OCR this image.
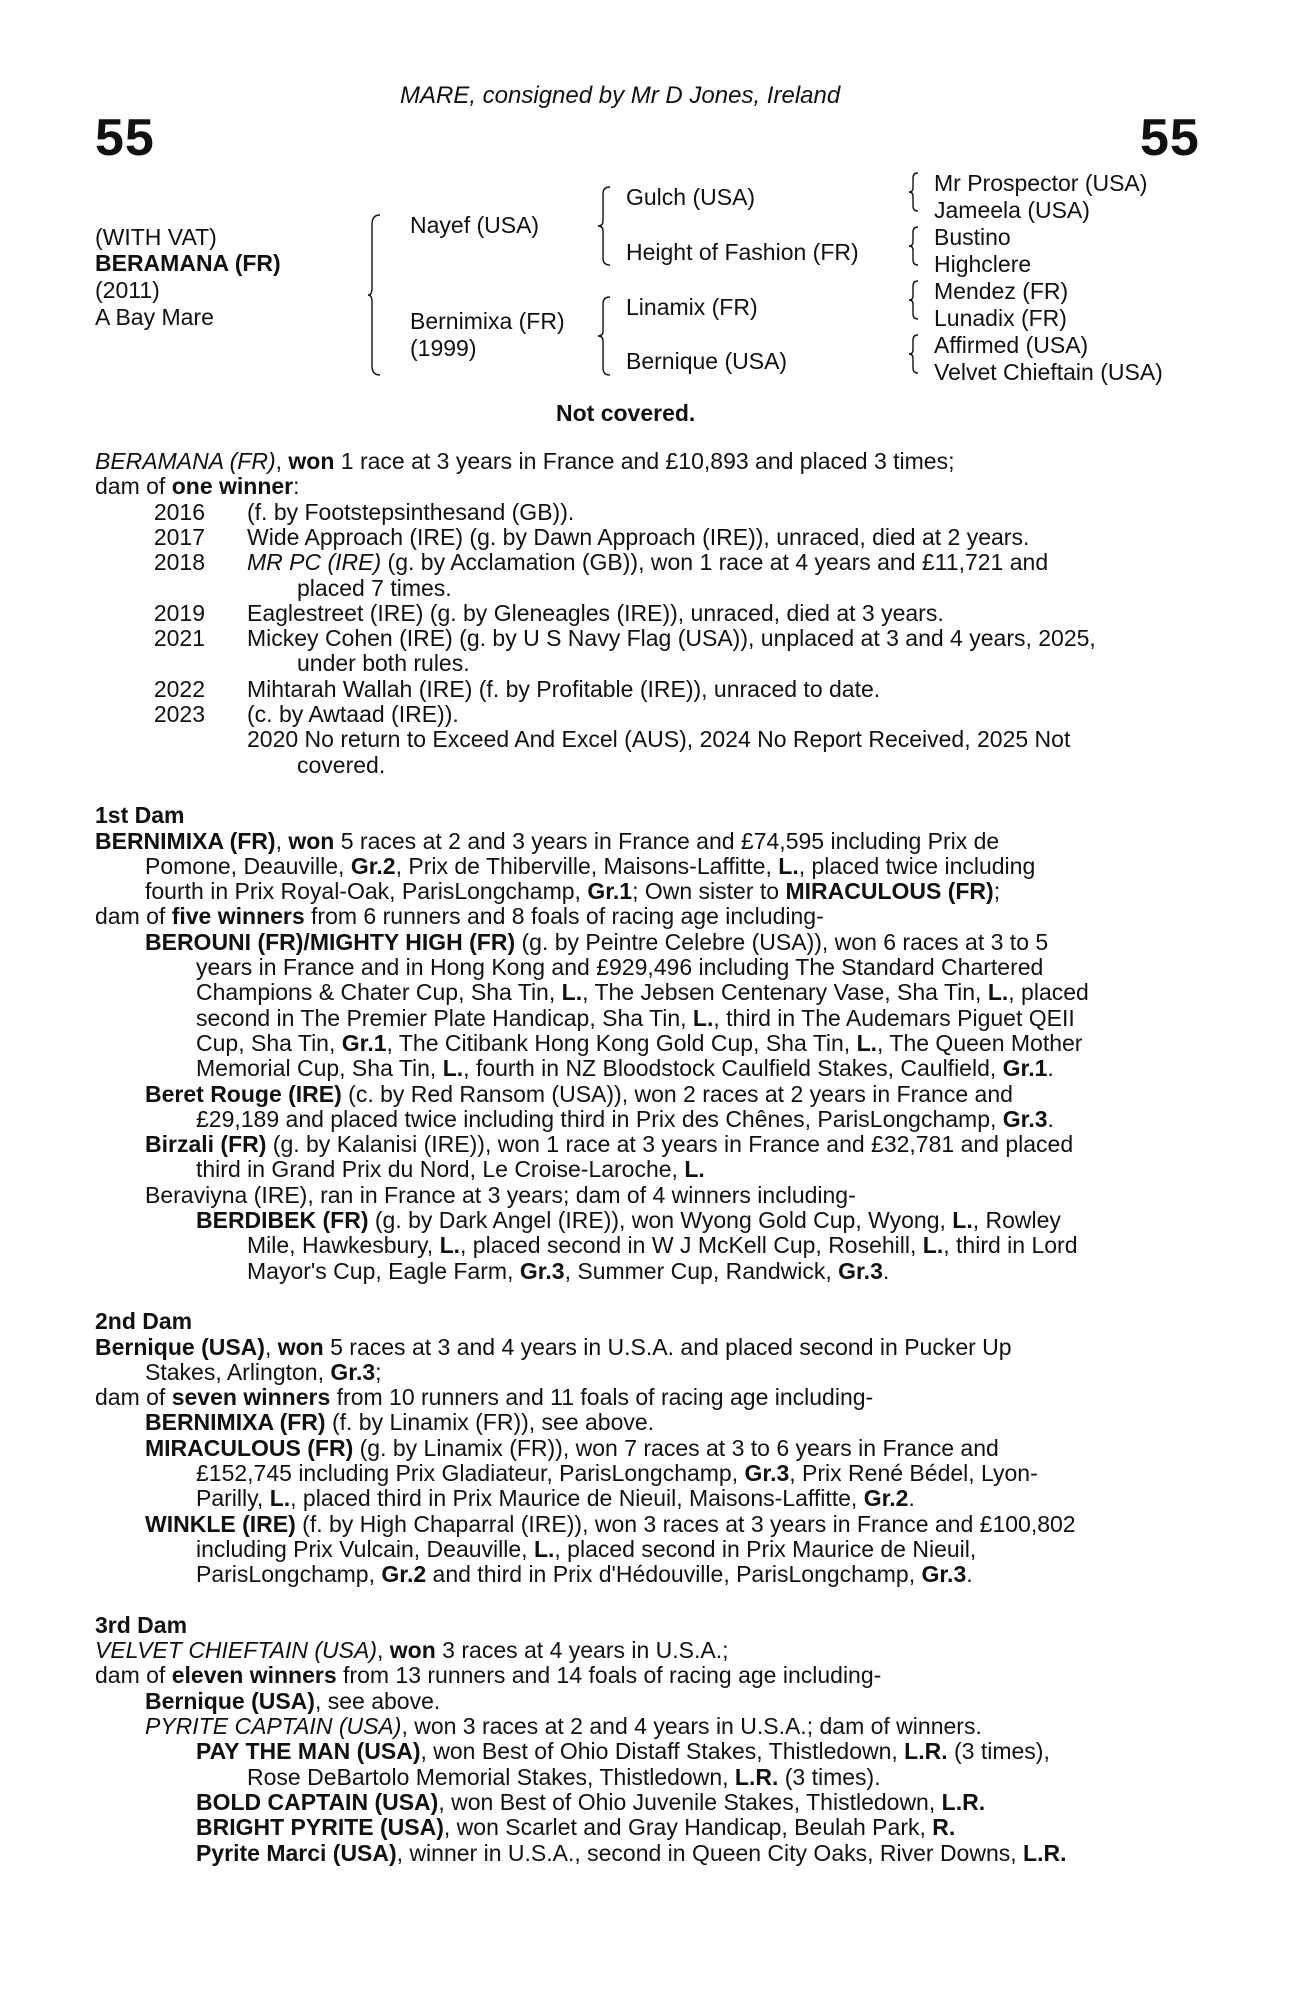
55	55
MARE, consigned by Mr D Jones, Ireland
(WITH VAT)
BERAMANA (FR)
(2011)
A Bay Mare
Nayef (USA)
Bernimixa (FR)
(1999)
Gulch (USA)
Height of Fashion (FR)
Linamix (FR)
Bernique (USA)
Mr Prospector (USA)
Jameela (USA)
Bustino
Highclere
Mendez (FR)
Lunadix (FR)
Affirmed (USA)
Velvet Chieftain (USA)
Not covered.
BERAMANA (FR), won 1 race at 3 years in France and £10,893 and placed 3 times;
dam of one winner:
2016 (f. by Footstepsinthesand (GB)).
2017 Wide Approach (IRE) (g. by Dawn Approach (IRE)), unraced, died at 2 years.
2018 MR PC (IRE) (g. by Acclamation (GB)), won 1 race at 4 years and £11,721 and
placed 7 times.
2019 Eaglestreet (IRE) (g. by Gleneagles (IRE)), unraced, died at 3 years.
2021 Mickey Cohen (IRE) (g. by U S Navy Flag (USA)), unplaced at 3 and 4 years, 2025,
under both rules.
2022 Mihtarah Wallah (IRE) (f. by Profitable (IRE)), unraced to date.
2023 (c. by Awtaad (IRE)).
2020 No return to Exceed And Excel (AUS), 2024 No Report Received, 2025 Not
covered.
1st Dam
BERNIMIXA (FR), won 5 races at 2 and 3 years in France and £74,595 including Prix de
Pomone, Deauville, Gr.2, Prix de Thiberville, Maisons-Laffitte, L., placed twice including
fourth in Prix Royal-Oak, ParisLongchamp, Gr.1; Own sister to MIRACULOUS (FR);
dam of five winners from 6 runners and 8 foals of racing age including-
BEROUNI (FR)/MIGHTY HIGH (FR) (g. by Peintre Celebre (USA)), won 6 races at 3 to 5
years in France and in Hong Kong and £929,496 including The Standard Chartered
Champions & Chater Cup, Sha Tin, L., The Jebsen Centenary Vase, Sha Tin, L., placed
second in The Premier Plate Handicap, Sha Tin, L., third in The Audemars Piguet QEII
Cup, Sha Tin, Gr.1, The Citibank Hong Kong Gold Cup, Sha Tin, L., The Queen Mother
Memorial Cup, Sha Tin, L., fourth in NZ Bloodstock Caulfield Stakes, Caulfield, Gr.1.
Beret Rouge (IRE) (c. by Red Ransom (USA)), won 2 races at 2 years in France and
£29,189 and placed twice including third in Prix des Chênes, ParisLongchamp, Gr.3.
Birzali (FR) (g. by Kalanisi (IRE)), won 1 race at 3 years in France and £32,781 and placed
third in Grand Prix du Nord, Le Croise-Laroche, L.
Beraviyna (IRE), ran in France at 3 years; dam of 4 winners including-
BERDIBEK (FR) (g. by Dark Angel (IRE)), won Wyong Gold Cup, Wyong, L., Rowley
Mile, Hawkesbury, L., placed second in W J McKell Cup, Rosehill, L., third in Lord
Mayor's Cup, Eagle Farm, Gr.3, Summer Cup, Randwick, Gr.3.
2nd Dam
Bernique (USA), won 5 races at 3 and 4 years in U.S.A. and placed second in Pucker Up
Stakes, Arlington, Gr.3;
dam of seven winners from 10 runners and 11 foals of racing age including-
BERNIMIXA (FR) (f. by Linamix (FR)), see above.
MIRACULOUS (FR) (g. by Linamix (FR)), won 7 races at 3 to 6 years in France and
£152,745 including Prix Gladiateur, ParisLongchamp, Gr.3, Prix René Bédel, Lyon-
Parilly, L., placed third in Prix Maurice de Nieuil, Maisons-Laffitte, Gr.2.
WINKLE (IRE) (f. by High Chaparral (IRE)), won 3 races at 3 years in France and £100,802
including Prix Vulcain, Deauville, L., placed second in Prix Maurice de Nieuil,
ParisLongchamp, Gr.2 and third in Prix d'Hédouville, ParisLongchamp, Gr.3.
3rd Dam
VELVET CHIEFTAIN (USA), won 3 races at 4 years in U.S.A.;
dam of eleven winners from 13 runners and 14 foals of racing age including-
Bernique (USA), see above.
PYRITE CAPTAIN (USA), won 3 races at 2 and 4 years in U.S.A.; dam of winners.
PAY THE MAN (USA), won Best of Ohio Distaff Stakes, Thistledown, L.R. (3 times),
Rose DeBartolo Memorial Stakes, Thistledown, L.R. (3 times).
BOLD CAPTAIN (USA), won Best of Ohio Juvenile Stakes, Thistledown, L.R.
BRIGHT PYRITE (USA), won Scarlet and Gray Handicap, Beulah Park, R.
Pyrite Marci (USA), winner in U.S.A., second in Queen City Oaks, River Downs, L.R.
